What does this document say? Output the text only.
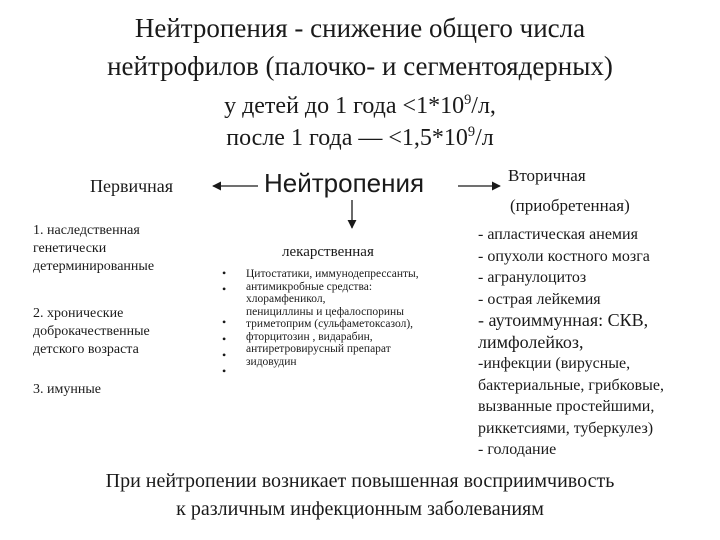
Нейтропения - снижение общего числа
нейтрофилов (палочко- и сегментоядерных)
у детей до 1 года $<1*10^9/л$,
после 1 года — $<1,5*10^9/л$
Первичная	Нейтропения	Вторичная
(приобретенная)
1. наследственная
генетически
детерминированные
2. хронические
доброкачественные
детского возраста
3. имунные
лекарственная
•
•
•
•
•
•
Цитостатики, иммунодепрессанты,
антимикробные средства:
хлорамфеникол,
пенициллины и цефалоспорины
триметоприм (сульфаметоксазол),
фторцитозин , видарабин,
антиретровирусный препарат
зидовудин
- апластическая анемия
- опухоли костного мозга
- агранулоцитоз
- острая лейкемия
- аутоиммунная: СКВ,
лимфолейкоз,
-инфекции (вирусные,
бактериальные, грибковые,
вызванные простейшими,
риккетсиями, туберкулез)
- голодание
При нейтропении возникает повышенная восприимчивость
к различным инфекционным заболеваниям
